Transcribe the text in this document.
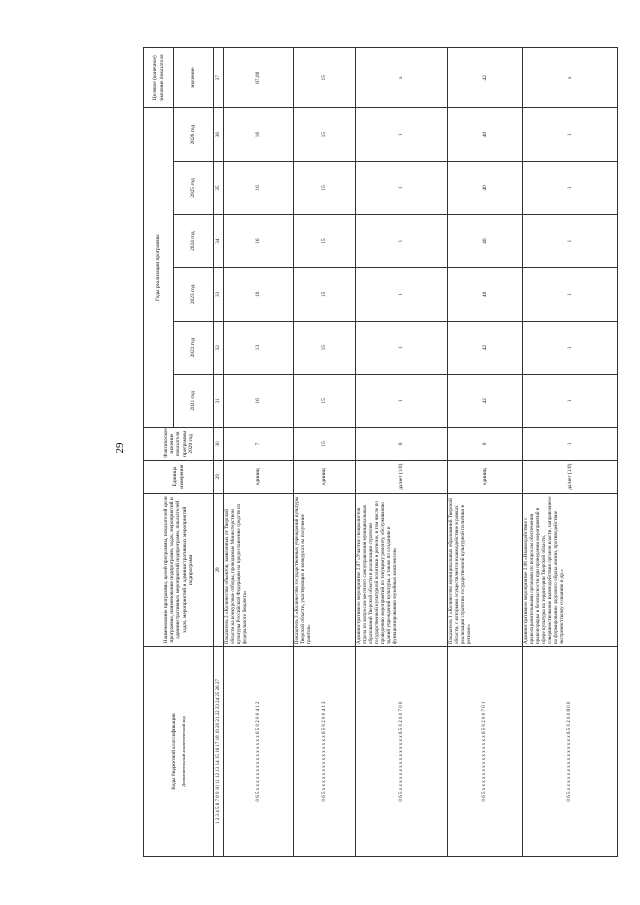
29
Коды бюджетной классификации Дополнительный аналитический код	Наименование программы, целей программы, показателей цели программы, наименование подпрограмм, задач, мероприятий и административных мероприятий подпрограмм, показателей задач, мероприятий и административных мероприятий подпрограмм	Единица измерения	Фактическое значение показателя программы 2020 год	Годы реализации программы						Целевое (конечное) значение показателя
				2021 год	2022 год	2023 год	2024 год	2025 год	2026 год	значение
1 2 3 4 5 6 7 8 9 10 11 12 13 14 15 16 17 18 19 20 21 22 23 24 25 26 27	28	29	30	31	32	33	34	35	36	37
0 6 5 х х х х х х х х х х х х х х х 6 5 0 2 0 0 4 1 2	Показатель 2 «Количество объектов, заявленных от Тверской области на конкурсные отборы, проводимые Министерством культуры Российской Федерации на предоставление средств из федерального бюджета»	единиц	7	16	13	10	16	16	16	87,00
0 6 5 х х х х х х х х х х х х х х х 6 5 0 2 0 0 4 1 3	Показатель 3 «Количество государственных учреждений культуры Тверской области, участвующих в конкурсах на получение грантов»	единиц	15	15	15	15	15	15	15	15
0 6 5 х х х х х х х х х х х х х х х 6 5 0 2 0 0 7 0 0	Административное мероприятие 2.07 «Участие специалистов отдела по вопросам местного самоуправления муниципальных образований Тверской области в реализации стратегии государственной культурной политики в регионе, в том числе по проведению мероприятий по текущему ремонту, обслуживанию зданий учреждений культуры, а также по созданию и функционированию музейных комплексов»	да/нет (1/0)	0	1	1	1	1	1	1	х
0 6 5 х х х х х х х х х х х х х х х 6 5 0 2 0 0 7 0 1	Показатель 1 «Количество муниципальных образований Тверской области, с которыми осуществляется взаимодействие в рамках реализации стратегии государственной культурной политики в регионе»	единиц	0	42	42	40	40	40	40	42
0 6 5 х х х х х х х х х х х х х х х 6 5 0 2 0 0 8 0 0	Административное мероприятие 2.08 «Взаимодействие с правоохранительными органами по вопросам обеспечения правопорядка и безопасности при проведении мероприятий в сфере культуры на территории Тверской области, совершенствование взаимодействия органов власти, направленное на формирование здорового образа жизни, противодействие экстремистскому сознанию и др.»	да/нет (1/0)	1	1	1	1	1	1	1	х
